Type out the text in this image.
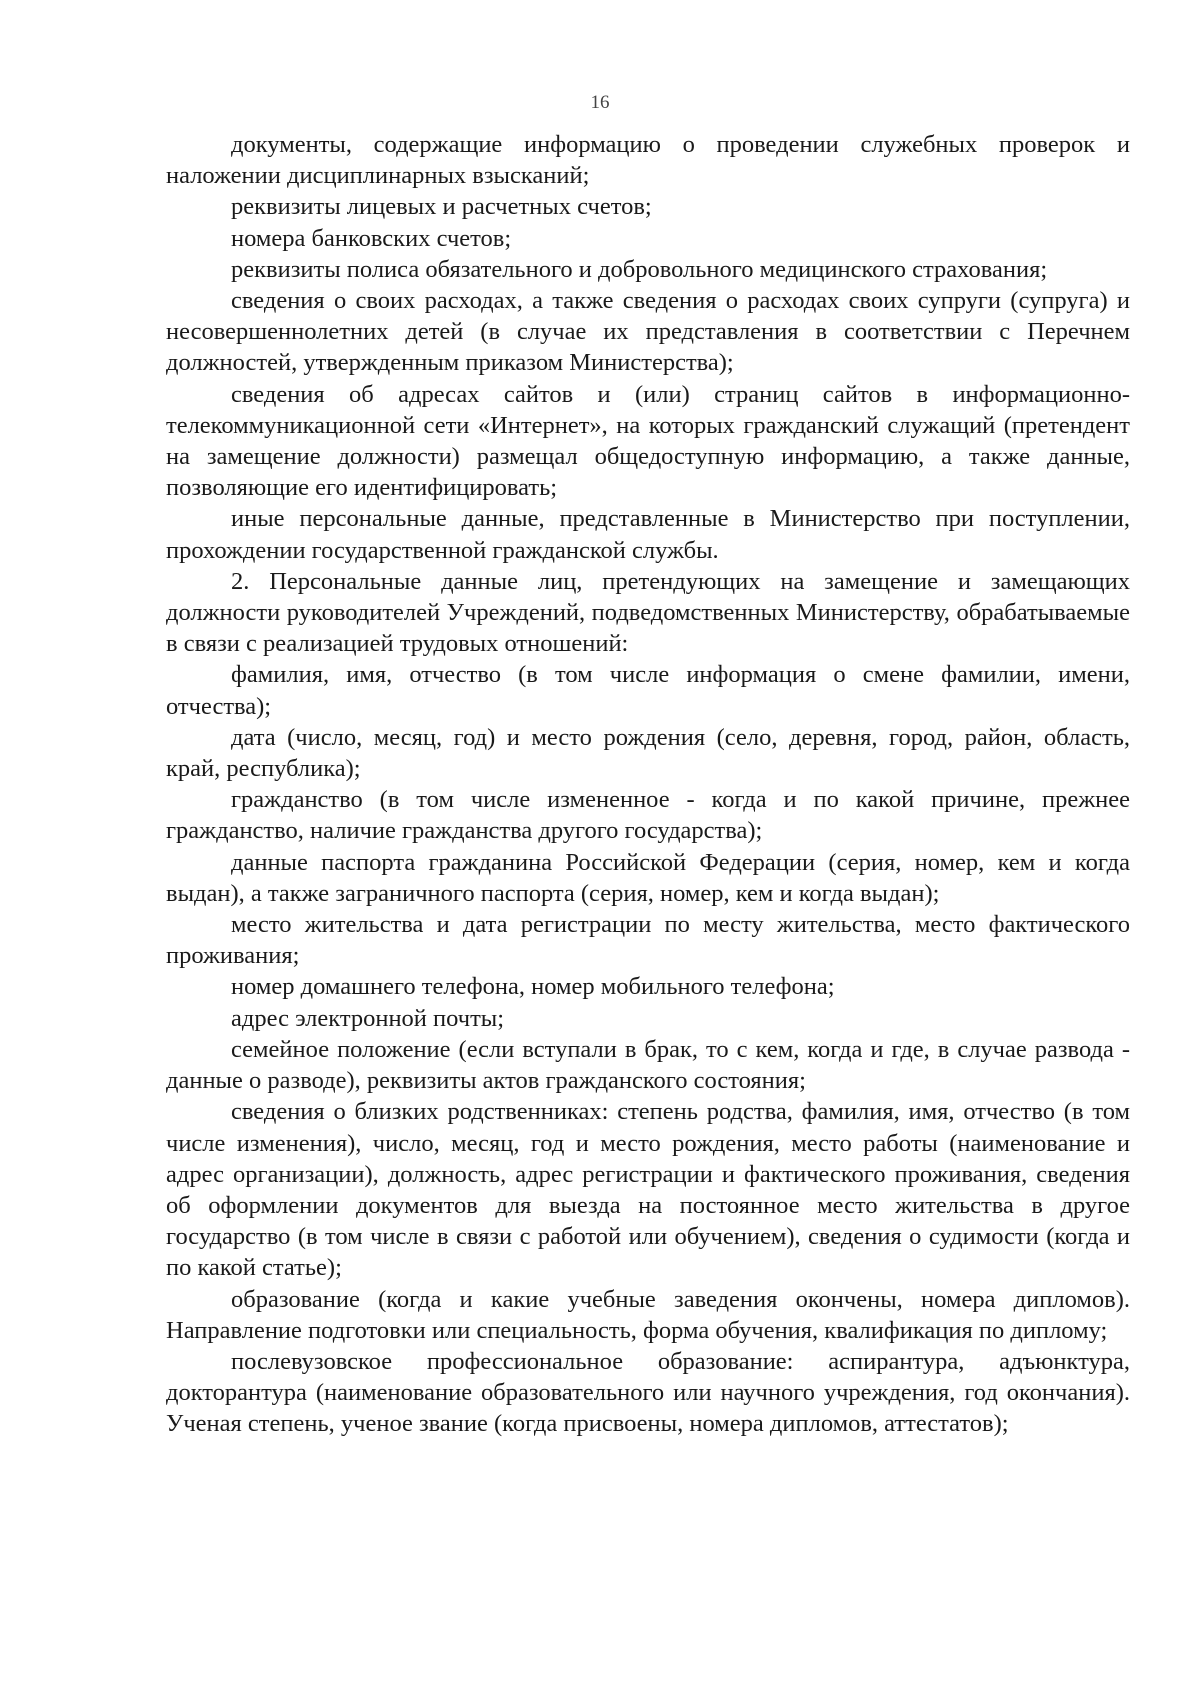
16

документы, содержащие информацию о проведении служебных проверок и наложении дисциплинарных взысканий;

реквизиты лицевых и расчетных счетов;

номера банковских счетов;

реквизиты полиса обязательного и добровольного медицинского страхования;

сведения о своих расходах, а также сведения о расходах своих супруги (супруга) и несовершеннолетних детей (в случае их представления в соответствии с Перечнем должностей, утвержденным приказом Министерства);

сведения об адресах сайтов и (или) страниц сайтов в информационно-телекоммуникационной сети «Интернет», на которых гражданский служащий (претендент на замещение должности) размещал общедоступную информацию, а также данные, позволяющие его идентифицировать;

иные персональные данные, представленные в Министерство при поступлении, прохождении государственной гражданской службы.

2. Персональные данные лиц, претендующих на замещение и замещающих должности руководителей Учреждений, подведомственных Министерству, обрабатываемые в связи с реализацией трудовых отношений:

фамилия, имя, отчество (в том числе информация о смене фамилии, имени, отчества);

дата (число, месяц, год) и место рождения (село, деревня, город, район, область, край, республика);

гражданство (в том числе измененное - когда и по какой причине, прежнее гражданство, наличие гражданства другого государства);

данные паспорта гражданина Российской Федерации (серия, номер, кем и когда выдан), а также заграничного паспорта (серия, номер, кем и когда выдан);

место жительства и дата регистрации по месту жительства, место фактического проживания;

номер домашнего телефона, номер мобильного телефона;

адрес электронной почты;

семейное положение (если вступали в брак, то с кем, когда и где, в случае развода - данные о разводе), реквизиты актов гражданского состояния;

сведения о близких родственниках: степень родства, фамилия, имя, отчество (в том числе изменения), число, месяц, год и место рождения, место работы (наименование и адрес организации), должность, адрес регистрации и фактического проживания, сведения об оформлении документов для выезда на постоянное место жительства в другое государство (в том числе в связи с работой или обучением), сведения о судимости (когда и по какой статье);

образование (когда и какие учебные заведения окончены, номера дипломов). Направление подготовки или специальность, форма обучения, квалификация по диплому;

послевузовское профессиональное образование: аспирантура, адъюнктура, докторантура (наименование образовательного или научного учреждения, год окончания). Ученая степень, ученое звание (когда присвоены, номера дипломов, аттестатов);
